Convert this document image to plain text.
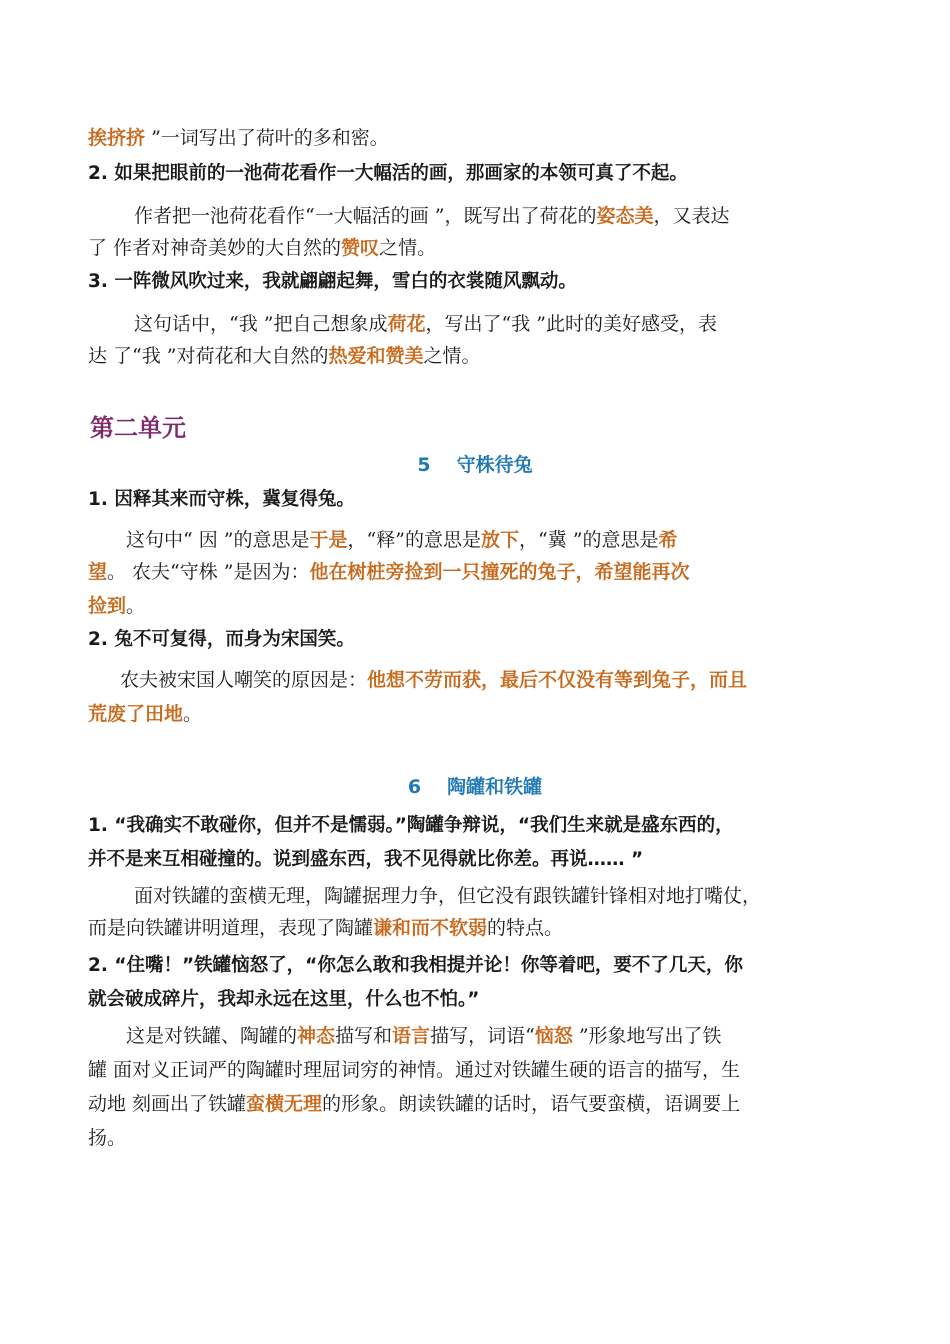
挨挤挤 ”一词写出了荷叶的多和密。
2. 如果把眼前的一池荷花看作一大幅活的画，那画家的本领可真了不起。
作者把一池荷花看作“一大幅活的画 ”，既写出了荷花的姿态美，又表达
了 作者对神奇美妙的大自然的赞叹之情。
3. 一阵微风吹过来，我就翩翩起舞，雪白的衣裳随风飘动。
这句话中，“我 ”把自己想象成荷花，写出了“我 ”此时的美好感受，表
达 了“我 ”对荷花和大自然的热爱和赞美之情。
第二单元
5 守株待兔
1. 因释其来而守株，冀复得兔。
这句中“ 因 ”的意思是于是，“释”的意思是放下，“冀 ”的意思是希
望。 农夫“守株 ”是因为：他在树桩旁捡到一只撞死的兔子，希望能再次
捡到。
2. 兔不可复得，而身为宋国笑。
农夫被宋国人嘲笑的原因是：他想不劳而获，最后不仅没有等到兔子，而且
荒废了田地。
6 陶罐和铁罐
1. “我确实不敢碰你，但并不是懦弱。”陶罐争辩说，“我们生来就是盛东西的，
并不是来互相碰撞的。说到盛东西，我不见得就比你差。再说…… ”
面对铁罐的蛮横无理，陶罐据理力争，但它没有跟铁罐针锋相对地打嘴仗，
而是向铁罐讲明道理，表现了陶罐谦和而不软弱的特点。
2. “住嘴！”铁罐恼怒了，“你怎么敢和我相提并论！你等着吧，要不了几天，你
就会破成碎片，我却永远在这里，什么也不怕。”
这是对铁罐、陶罐的神态描写和语言描写，词语“恼怒 ”形象地写出了铁
罐 面对义正词严的陶罐时理屈词穷的神情。通过对铁罐生硬的语言的描写，生
动地 刻画出了铁罐蛮横无理的形象。朗读铁罐的话时，语气要蛮横，语调要上
扬。
